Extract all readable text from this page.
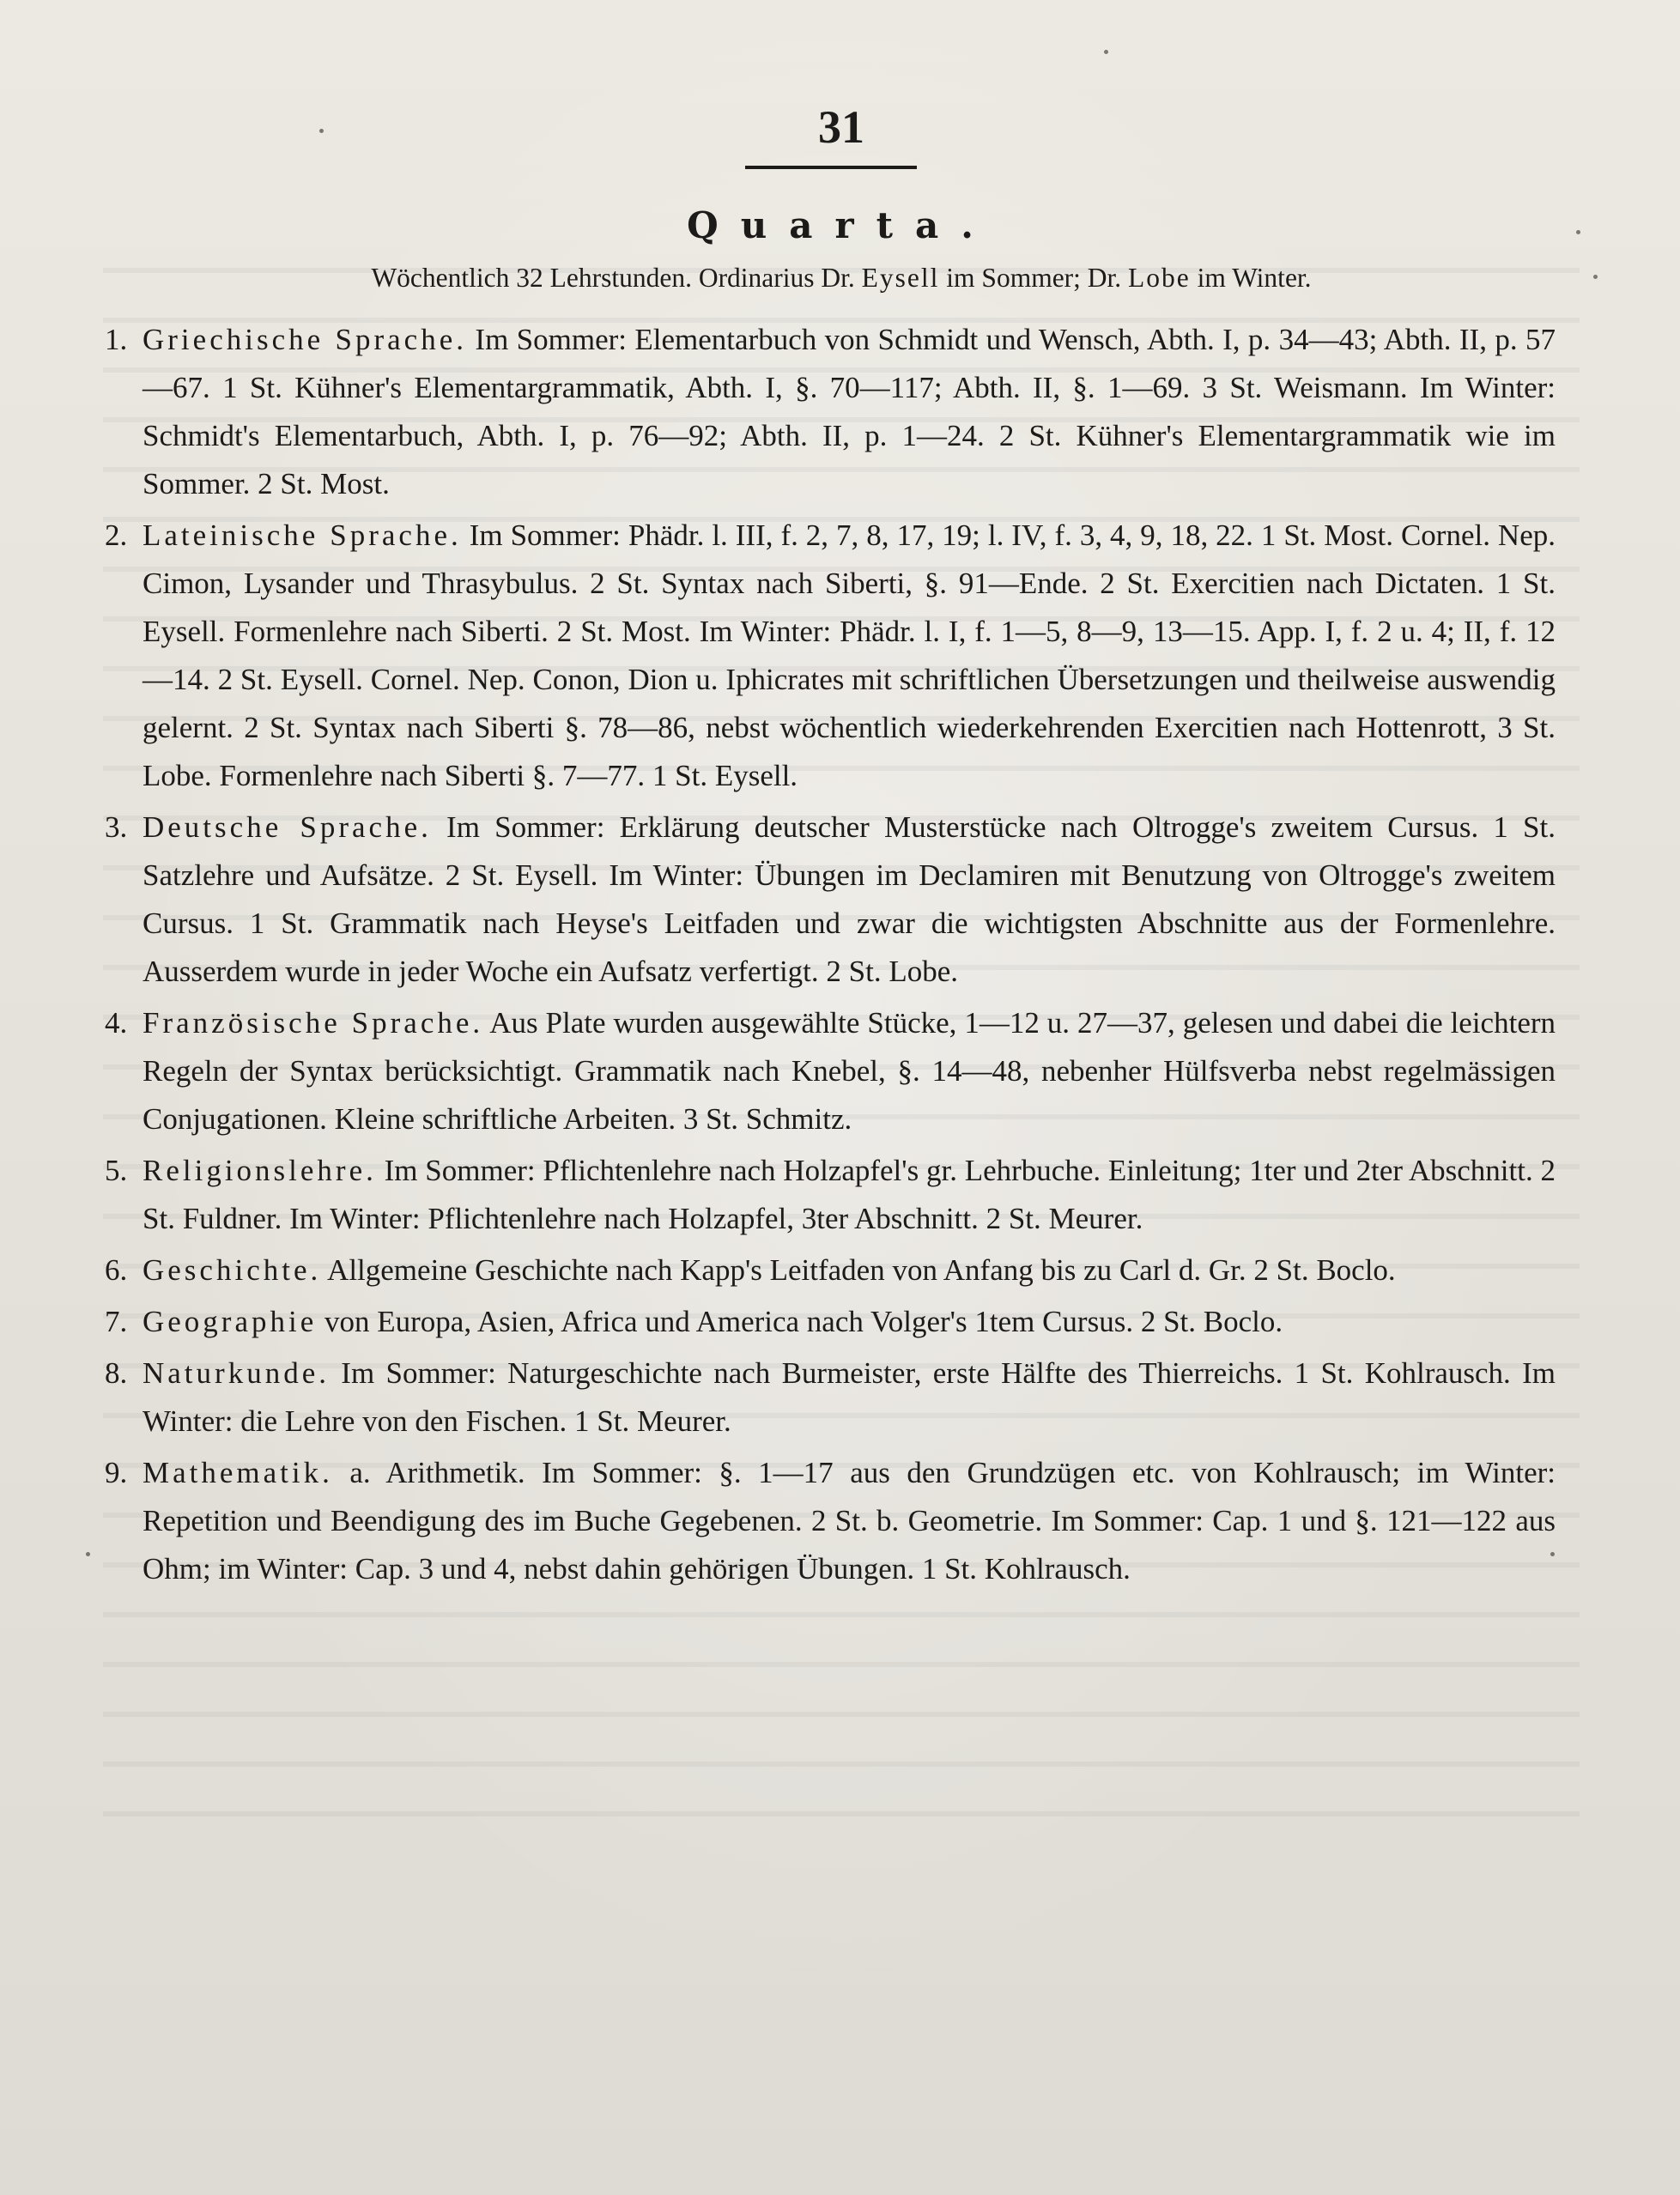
31
Quarta.
Wöchentlich 32 Lehrstunden. Ordinarius Dr. Eysell im Sommer; Dr. Lobe im Winter.
1. Griechische Sprache. Im Sommer: Elementarbuch von Schmidt und Wensch, Abth. I, p. 34—43; Abth. II, p. 57—67. 1 St. Kühner's Elementargrammatik, Abth. I, §. 70—117; Abth. II, §. 1—69. 3 St. Weismann. Im Winter: Schmidt's Elementarbuch, Abth. I, p. 76—92; Abth. II, p. 1—24. 2 St. Kühner's Elementargrammatik wie im Sommer. 2 St. Most.
2. Lateinische Sprache. Im Sommer: Phädr. l. III, f. 2, 7, 8, 17, 19; l. IV, f. 3, 4, 9, 18, 22. 1 St. Most. Cornel. Nep. Cimon, Lysander und Thrasybulus. 2 St. Syntax nach Siberti, §. 91—Ende. 2 St. Exercitien nach Dictaten. 1 St. Eysell. Formenlehre nach Siberti. 2 St. Most. Im Winter: Phädr. l. I, f. 1—5, 8—9, 13—15. App. I, f. 2 u. 4; II, f. 12—14. 2 St. Eysell. Cornel. Nep. Conon, Dion u. Iphicrates mit schriftlichen Übersetzungen und theilweise auswendig gelernt. 2 St. Syntax nach Siberti §. 78—86, nebst wöchentlich wiederkehrenden Exercitien nach Hottenrott, 3 St. Lobe. Formenlehre nach Siberti §. 7—77. 1 St. Eysell.
3. Deutsche Sprache. Im Sommer: Erklärung deutscher Musterstücke nach Oltrogge's zweitem Cursus. 1 St. Satzlehre und Aufsätze. 2 St. Eysell. Im Winter: Übungen im Declamiren mit Benutzung von Oltrogge's zweitem Cursus. 1 St. Grammatik nach Heyse's Leitfaden und zwar die wichtigsten Abschnitte aus der Formenlehre. Ausserdem wurde in jeder Woche ein Aufsatz verfertigt. 2 St. Lobe.
4. Französische Sprache. Aus Plate wurden ausgewählte Stücke, 1—12 u. 27—37, gelesen und dabei die leichtern Regeln der Syntax berücksichtigt. Grammatik nach Knebel, §. 14—48, nebenher Hülfsverba nebst regelmässigen Conjugationen. Kleine schriftliche Arbeiten. 3 St. Schmitz.
5. Religionslehre. Im Sommer: Pflichtenlehre nach Holzapfel's gr. Lehrbuche. Einleitung; 1ter und 2ter Abschnitt. 2 St. Fuldner. Im Winter: Pflichtenlehre nach Holzapfel, 3ter Abschnitt. 2 St. Meurer.
6. Geschichte. Allgemeine Geschichte nach Kapp's Leitfaden von Anfang bis zu Carl d. Gr. 2 St. Boclo.
7. Geographie von Europa, Asien, Africa und America nach Volger's 1tem Cursus. 2 St. Boclo.
8. Naturkunde. Im Sommer: Naturgeschichte nach Burmeister, erste Hälfte des Thierreichs. 1 St. Kohlrausch. Im Winter: die Lehre von den Fischen. 1 St. Meurer.
9. Mathematik. a. Arithmetik. Im Sommer: §. 1—17 aus den Grundzügen etc. von Kohlrausch; im Winter: Repetition und Beendigung des im Buche Gegebenen. 2 St. b. Geometrie. Im Sommer: Cap. 1 und §. 121—122 aus Ohm; im Winter: Cap. 3 und 4, nebst dahin gehörigen Übungen. 1 St. Kohlrausch.
